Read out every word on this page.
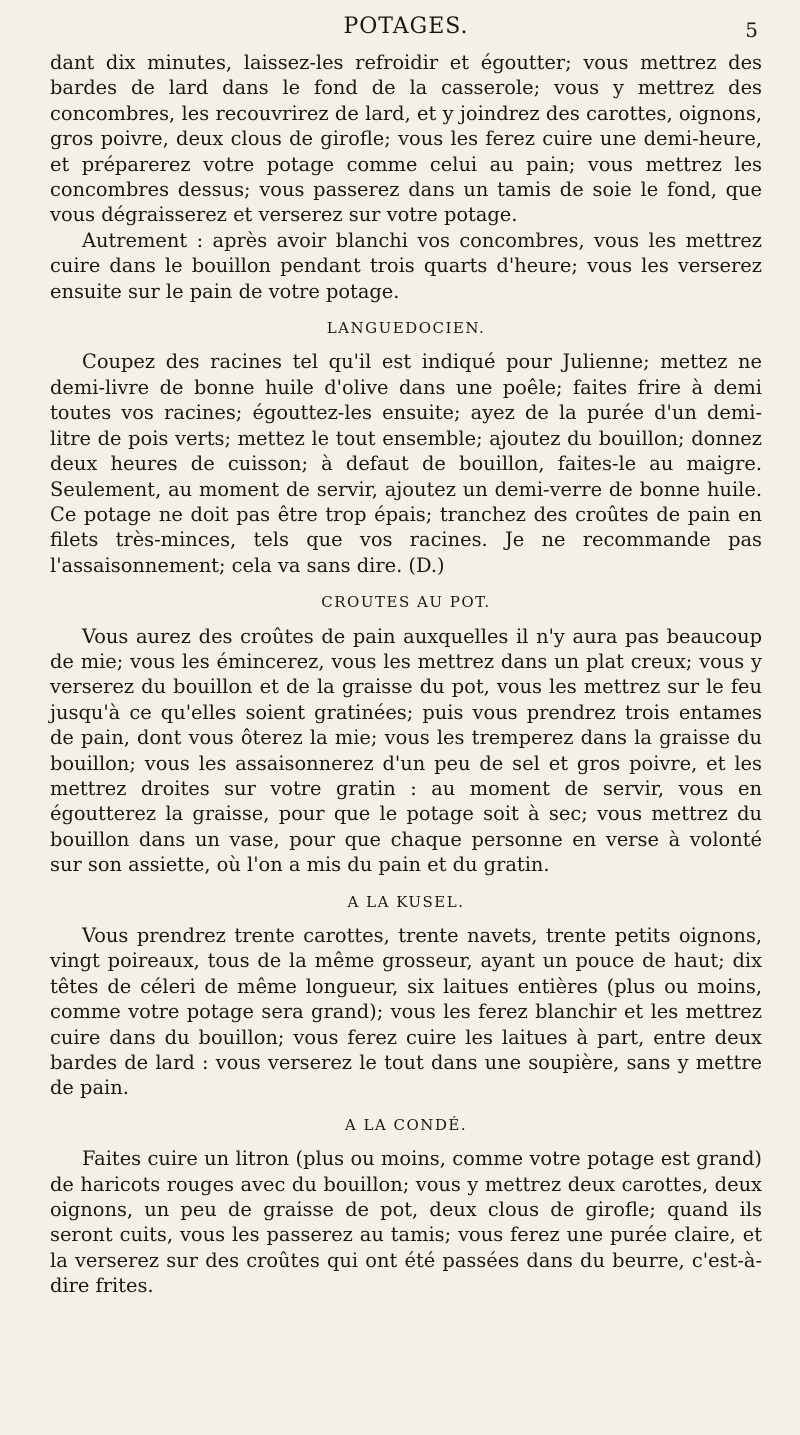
POTAGES.	5

dant dix minutes, laissez-les refroidir et égoutter; vous mettrez des bardes de lard dans le fond de la casserole; vous y mettrez des concombres, les recouvrirez de lard, et y joindrez des carottes, oignons, gros poivre, deux clous de girofle; vous les ferez cuire une demi-heure, et préparerez votre potage comme celui au pain; vous mettrez les concombres dessus; vous passerez dans un tamis de soie le fond, que vous dégraisserez et verserez sur votre potage.

Autrement : après avoir blanchi vos concombres, vous les mettrez cuire dans le bouillon pendant trois quarts d'heure; vous les verserez ensuite sur le pain de votre potage.

LANGUEDOCIEN.

Coupez des racines tel qu'il est indiqué pour Julienne; mettez ne demi-livre de bonne huile d'olive dans une poêle; faites frire à demi toutes vos racines; égouttez-les ensuite; ayez de la purée d'un demi-litre de pois verts; mettez le tout ensemble; ajoutez du bouillon; donnez deux heures de cuisson; à defaut de bouillon, faites-le au maigre. Seulement, au moment de servir, ajoutez un demi-verre de bonne huile. Ce potage ne doit pas être trop épais; tranchez des croûtes de pain en filets très-minces, tels que vos racines. Je ne recommande pas l'assaisonnement; cela va sans dire. (D.)

CROUTES AU POT.

Vous aurez des croûtes de pain auxquelles il n'y aura pas beaucoup de mie; vous les émincerez, vous les mettrez dans un plat creux; vous y verserez du bouillon et de la graisse du pot, vous les mettrez sur le feu jusqu'à ce qu'elles soient gratinées; puis vous prendrez trois entames de pain, dont vous ôterez la mie; vous les tremperez dans la graisse du bouillon; vous les assaisonnerez d'un peu de sel et gros poivre, et les mettrez droites sur votre gratin : au moment de servir, vous en égoutterez la graisse, pour que le potage soit à sec; vous mettrez du bouillon dans un vase, pour que chaque personne en verse à volonté sur son assiette, où l'on a mis du pain et du gratin.

A LA KUSEL.

Vous prendrez trente carottes, trente navets, trente petits oignons, vingt poireaux, tous de la même grosseur, ayant un pouce de haut; dix têtes de céleri de même longueur, six laitues entières (plus ou moins, comme votre potage sera grand); vous les ferez blanchir et les mettrez cuire dans du bouillon; vous ferez cuire les laitues à part, entre deux bardes de lard : vous verserez le tout dans une soupière, sans y mettre de pain.

A LA CONDÉ.

Faites cuire un litron (plus ou moins, comme votre potage est grand) de haricots rouges avec du bouillon; vous y mettrez deux carottes, deux oignons, un peu de graisse de pot, deux clous de girofle; quand ils seront cuits, vous les passerez au tamis; vous ferez une purée claire, et la verserez sur des croûtes qui ont été passées dans du beurre, c'est-à-dire frites.
